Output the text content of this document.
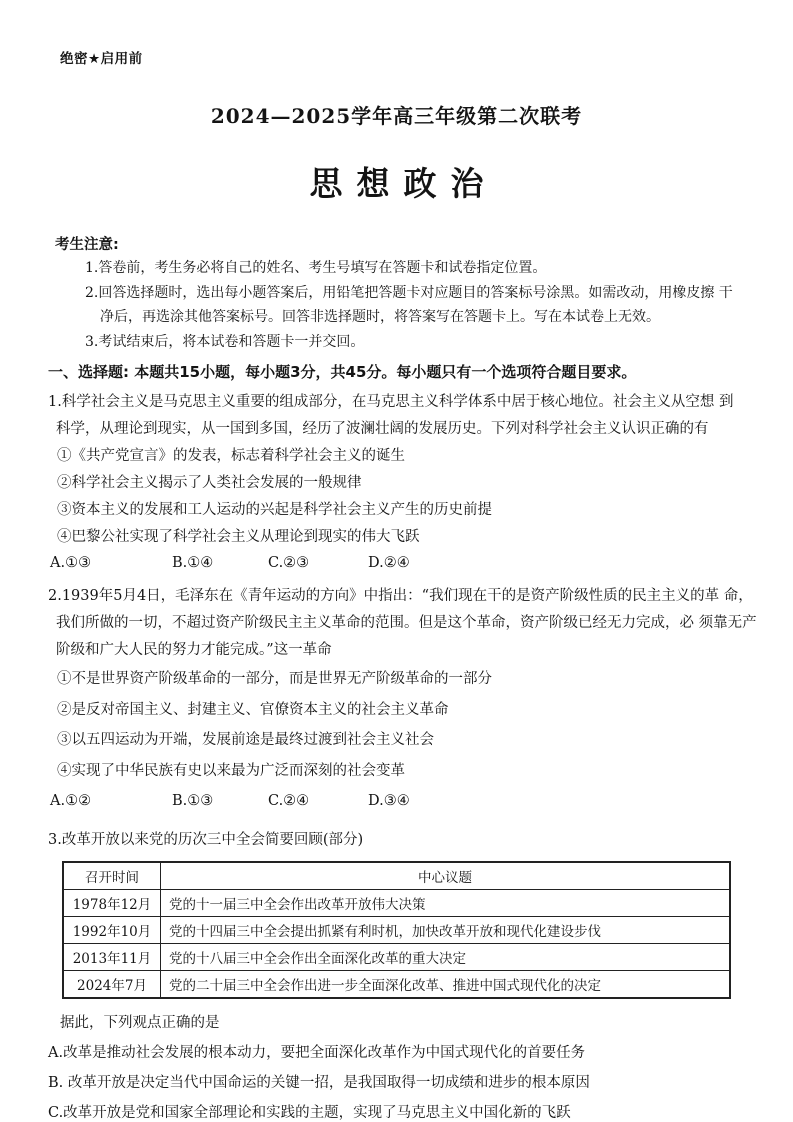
绝密★启用前
2024—2025学年高三年级第二次联考
思想政治
考生注意:
1.答卷前，考生务必将自己的姓名、考生号填写在答题卡和试卷指定位置。
2.回答选择题时，选出每小题答案后，用铅笔把答题卡对应题目的答案标号涂黑。如需改动，用橡皮擦 干
净后，再选涂其他答案标号。回答非选择题时，将答案写在答题卡上。写在本试卷上无效。
3.考试结束后，将本试卷和答题卡一并交回。
一、选择题: 本题共15小题，每小题3分，共45分。每小题只有一个选项符合题目要求。
1.科学社会主义是马克思主义重要的组成部分，在马克思主义科学体系中居于核心地位。社会主义从空想 到
科学，从理论到现实，从一国到多国，经历了波澜壮阔的发展历史。下列对科学社会主义认识正确的有
①《共产党宣言》的发表，标志着科学社会主义的诞生
②科学社会主义揭示了人类社会发展的一般规律
③资本主义的发展和工人运动的兴起是科学社会主义产生的历史前提
④巴黎公社实现了科学社会主义从理论到现实的伟大飞跃
A.①③	B.①④	C.②③	D.②④
2.1939年5月4日，毛泽东在《青年运动的方向》中指出：“我们现在干的是资产阶级性质的民主主义的革 命，
我们所做的一切，不超过资产阶级民主主义革命的范围。但是这个革命，资产阶级已经无力完成，必 须靠无产
阶级和广大人民的努力才能完成。”这一革命
①不是世界资产阶级革命的一部分，而是世界无产阶级革命的一部分
②是反对帝国主义、封建主义、官僚资本主义的社会主义革命
③以五四运动为开端，发展前途是最终过渡到社会主义社会
④实现了中华民族有史以来最为广泛而深刻的社会变革
A.①②	B.①③	C.②④	D.③④
3.改革开放以来党的历次三中全会简要回顾(部分)
召开时间	中心议题
1978年12月	党的十一届三中全会作出改革开放伟大决策
1992年10月	党的十四届三中全会提出抓紧有利时机，加快改革开放和现代化建设步伐
2013年11月	党的十八届三中全会作出全面深化改革的重大决定
2024年7月	党的二十届三中全会作出进一步全面深化改革、推进中国式现代化的决定
据此，下列观点正确的是
A.改革是推动社会发展的根本动力，要把全面深化改革作为中国式现代化的首要任务
B. 改革开放是决定当代中国命运的关键一招，是我国取得一切成绩和进步的根本原因
C.改革开放是党和国家全部理论和实践的主题，实现了马克思主义中国化新的飞跃
